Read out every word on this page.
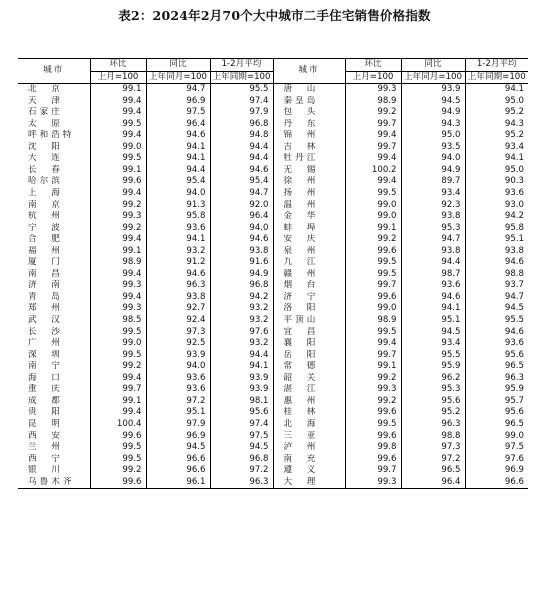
表2：2024年2月70个大中城市二手住宅销售价格指数
城市	环比	同比	1-2月平均	城市	环比	同比	1-2月平均
	上月=100	上年同月=100	上年同期=100		上月=100	上年同月=100	上年同期=100
北　京	99.1	94.7	95.5	唐　山	99.3	93.9	94.1
天　津	99.4	96.9	97.4	秦皇岛	98.9	94.5	95.0
石家庄	99.4	97.5	97.9	包　头	99.2	94.9	95.2
太　原	99.5	96.4	96.8	丹　东	99.7	94.3	94.3
呼和浩特	99.4	94.6	94.8	锦　州	99.4	95.0	95.2
沈　阳	99.0	94.1	94.4	吉　林	99.7	93.5	93.4
大　连	99.5	94.1	94.4	牡丹江	99.4	94.0	94.1
长　春	99.1	94.4	94.6	无　锡	100.2	94.9	95.0
哈尔滨	99.6	95.4	95.4	徐　州	99.4	89.7	90.3
上　海	99.4	94.0	94.7	扬　州	99.5	93.4	93.6
南　京	99.2	91.3	92.0	温　州	99.0	92.3	93.0
杭　州	99.3	95.8	96.4	金　华	99.0	93.8	94.2
宁　波	99.2	93.6	94.0	蚌　埠	99.1	95.3	95.8
合　肥	99.4	94.1	94.6	安　庆	99.2	94.7	95.1
福　州	99.1	93.2	93.8	泉　州	99.6	93.8	93.8
厦　门	98.9	91.2	91.6	九　江	99.5	94.4	94.6
南　昌	99.4	94.6	94.9	赣　州	99.5	98.7	98.8
济　南	99.3	96.3	96.8	烟　台	99.7	93.6	93.7
青　岛	99.4	93.8	94.2	济　宁	99.6	94.6	94.7
郑　州	99.3	92.7	93.2	洛　阳	99.0	94.1	94.5
武　汉	98.5	92.4	93.2	平顶山	98.9	95.1	95.5
长　沙	99.5	97.3	97.6	宜　昌	99.5	94.5	94.6
广　州	99.0	92.5	93.2	襄　阳	99.4	93.4	93.6
深　圳	99.5	93.9	94.4	岳　阳	99.7	95.5	95.6
南　宁	99.2	94.0	94.1	常　德	99.1	95.9	96.5
海　口	99.4	93.6	93.9	韶　关	99.2	96.2	96.3
重　庆	99.7	93.6	93.9	湛　江	99.3	95.3	95.9
成　都	99.1	97.2	98.1	惠　州	99.2	95.6	95.7
贵　阳	99.4	95.1	95.6	桂　林	99.6	95.2	95.6
昆　明	100.4	97.9	97.4	北　海	99.5	96.3	96.5
西　安	99.6	96.9	97.5	三　亚	99.6	98.8	99.0
兰　州	99.5	94.5	94.5	泸　州	99.8	97.3	97.5
西　宁	99.5	96.6	96.8	南　充	99.6	97.2	97.6
银　川	99.2	96.6	97.2	遵　义	99.7	96.5	96.9
乌鲁木齐	99.6	96.1	96.3	大　理	99.3	96.4	96.6
